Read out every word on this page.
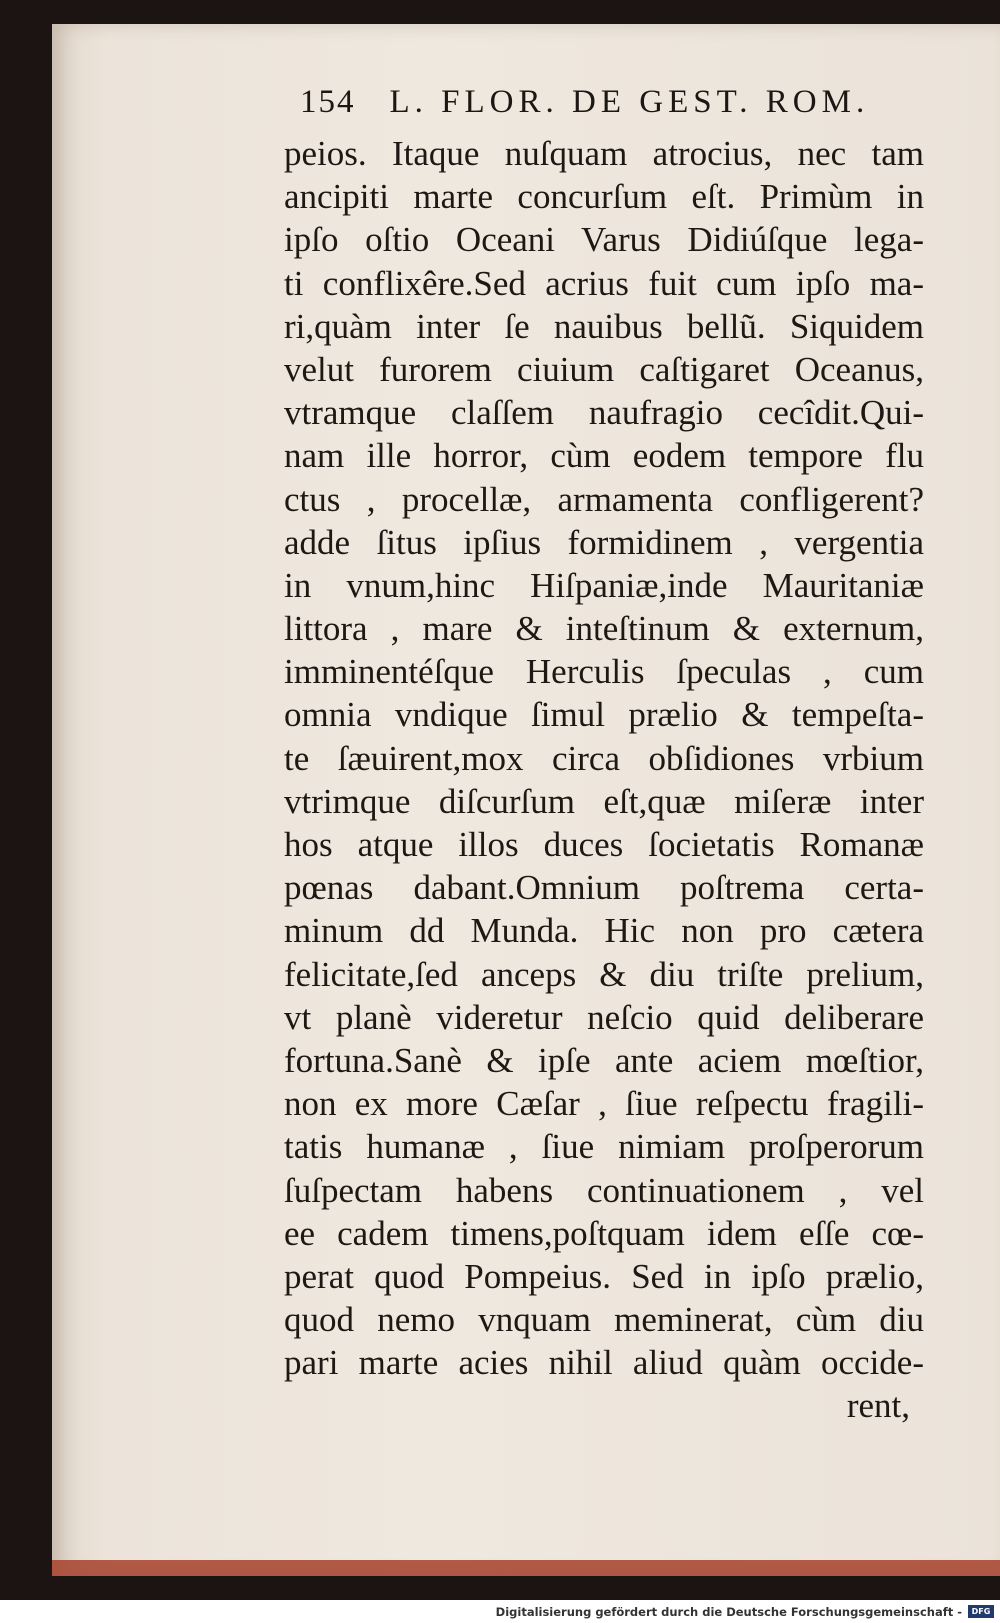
154 L. FLOR. DE GEST. ROM.
peios. Itaque nuſquam atrocius, nec tam
ancipiti marte concurſum eſt. Primùm in
ipſo oſtio Oceani Varus Didiúſque lega-
ti conflixêre.Sed acrius fuit cum ipſo ma-
ri,quàm inter ſe nauibus bellũ. Siquidem
velut furorem ciuium caſtigaret Oceanus,
vtramque claſſem naufragio cecîdit.Qui-
nam ille horror, cùm eodem tempore flu
ctus , procellæ, armamenta confligerent?
adde ſitus ipſius formidinem , vergentia
in vnum,hinc Hiſpaniæ,inde Mauritaniæ
littora , mare & inteſtinum & externum,
imminentéſque Herculis ſpeculas , cum
omnia vndique ſimul prælio & tempeſta-
te ſæuirent,mox circa obſidiones vrbium
vtrimque diſcurſum eſt,quæ miſeræ inter
hos atque illos duces ſocietatis Romanæ
pœnas dabant.Omnium poſtrema certa-
minum dd Munda. Hic non pro cætera
felicitate,ſed anceps & diu triſte prelium,
vt planè videretur neſcio quid deliberare
fortuna.Sanè & ipſe ante aciem mœſtior,
non ex more Cæſar , ſiue reſpectu fragili-
tatis humanæ , ſiue nimiam proſperorum
ſuſpectam habens continuationem , vel
ee cadem timens,poſtquam idem eſſe cœ-
perat quod Pompeius. Sed in ipſo prælio,
quod nemo vnquam meminerat, cùm diu
pari marte acies nihil aliud quàm occide-
rent,
Digitalisierung gefördert durch die Deutsche Forschungsgemeinschaft -	DFG
